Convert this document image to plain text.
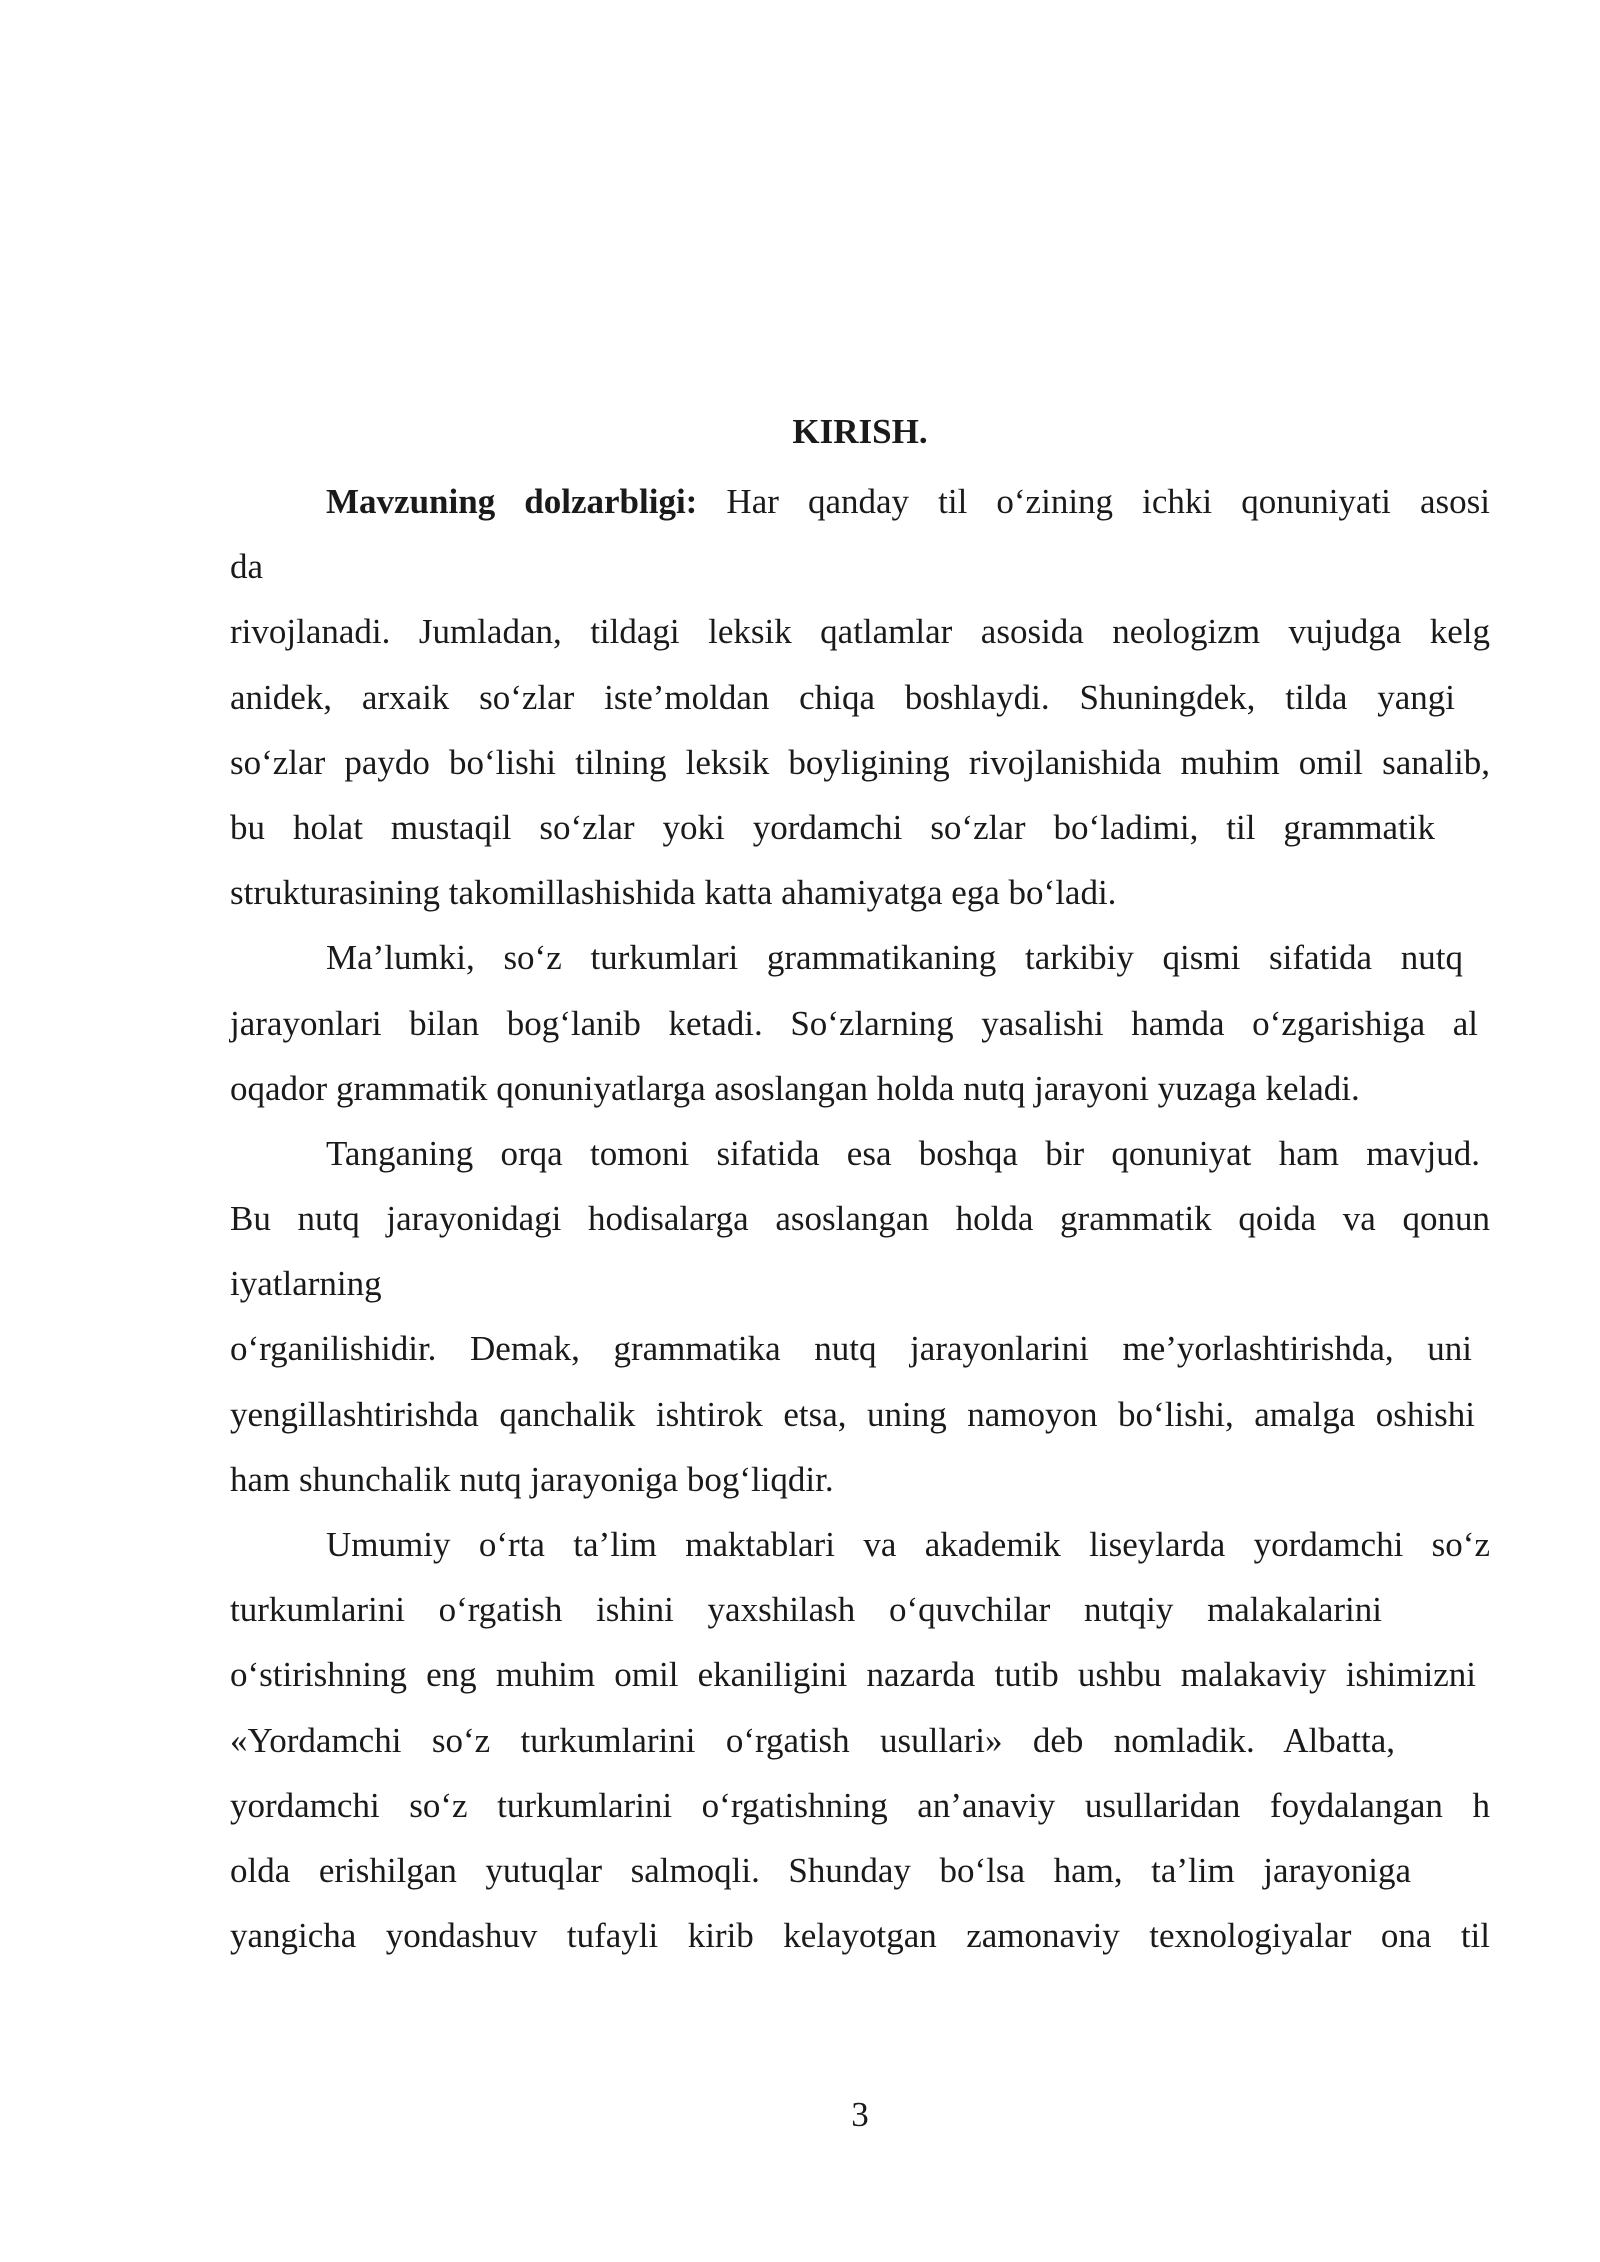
KIRISH.
Mavzuning dolzarbligi: Har qanday til o‘zining ichki qonuniyati asosi
da
rivojlanadi. Jumladan, tildagi leksik qatlamlar asosida neologizm vujudga kelg
anidek, arxaik so‘zlar iste’moldan chiqa boshlaydi. Shuningdek, tilda yangi
so‘zlar paydo bo‘lishi tilning leksik boyligining rivojlanishida muhim omil sanalib,
bu holat mustaqil so‘zlar yoki yordamchi so‘zlar bo‘ladimi, til grammatik
strukturasining takomillashishida katta ahamiyatga ega bo‘ladi.
Ma’lumki, so‘z turkumlari grammatikaning tarkibiy qismi sifatida nutq
jarayonlari bilan bog‘lanib ketadi. So‘zlarning yasalishi hamda o‘zgarishiga al
oqador grammatik qonuniyatlarga asoslangan holda nutq jarayoni yuzaga keladi.
Tanganing orqa tomoni sifatida esa boshqa bir qonuniyat ham mavjud.
Bu nutq jarayonidagi hodisalarga asoslangan holda grammatik qoida va qonun
iyatlarning
o‘rganilishidir. Demak, grammatika nutq jarayonlarini me’yorlashtirishda, uni
yengillashtirishda qanchalik ishtirok etsa, uning namoyon bo‘lishi, amalga oshishi
ham shunchalik nutq jarayoniga bog‘liqdir.
Umumiy o‘rta ta’lim maktablari va akademik liseylarda yordamchi so‘z
turkumlarini o‘rgatish ishini yaxshilash o‘quvchilar nutqiy malakalarini
o‘stirishning eng muhim omil ekaniligini nazarda tutib ushbu malakaviy ishimizni
«Yordamchi so‘z turkumlarini o‘rgatish usullari» deb nomladik. Albatta,
yordamchi so‘z turkumlarini o‘rgatishning an’anaviy usullaridan foydalangan h
olda erishilgan yutuqlar salmoqli. Shunday bo‘lsa ham, ta’lim jarayoniga
yangicha yondashuv tufayli kirib kelayotgan zamonaviy texnologiyalar ona til
3
